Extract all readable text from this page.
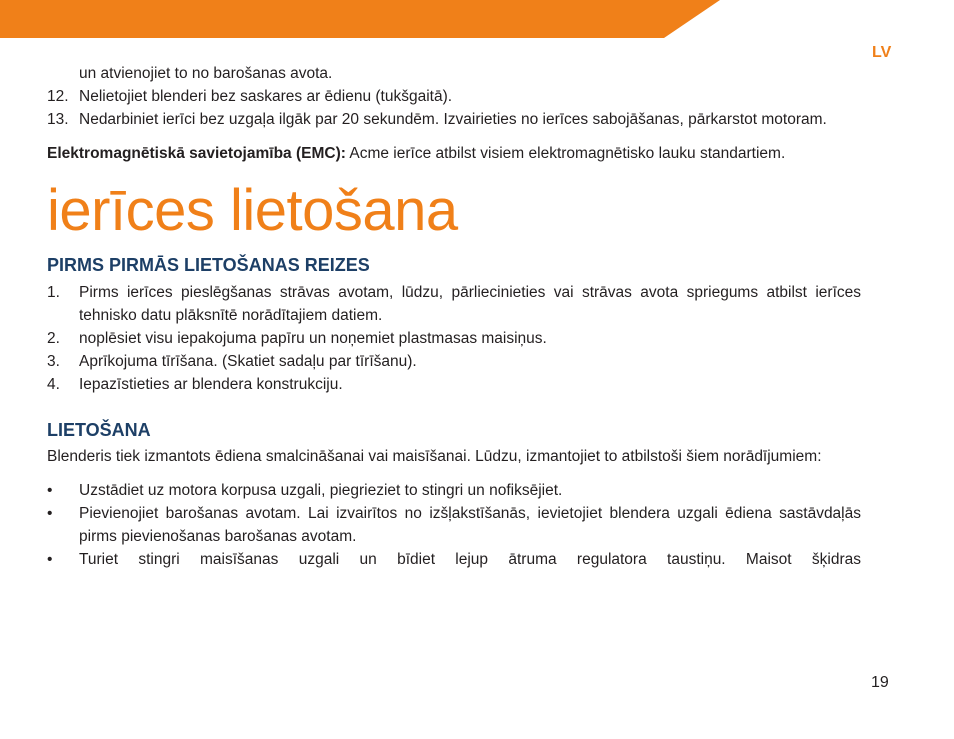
LV

un atvienojiet to no barošanas avota.

12. Nelietojiet blenderi bez saskares ar ēdienu (tukšgaitā).
13. Nedarbiniet ierīci bez uzgaļa ilgāk par 20 sekundēm. Izvairieties no ierīces sabojāšanas, pārkarstot motoram.

Elektromagnētiskā savietojamība (EMC): Acme ierīce atbilst visiem elektromagnētisko lauku standartiem.

ierīces lietošana
PIRMS PIRMĀS LIETOŠANAS REIZES
1.	Pirms ierīces pieslēgšanas strāvas avotam, lūdzu, pārliecinieties vai strāvas avota spriegums atbilst ierīces tehnisko datu plāksnītē norādītajiem datiem.
2.	noplēsiet visu iepakojuma papīru un noņemiet plastmasas maisiņus.
3.	Aprīkojuma tīrīšana. (Skatiet sadaļu par tīrīšanu).
4.	Iepazīstieties ar blendera konstrukciju.
LIETOŠANA

Blenderis tiek izmantots ēdiena smalcināšanai vai maisīšanai. Lūdzu, izmantojiet to atbilstoši šiem norādījumiem:

•	Uzstādiet uz motora korpusa uzgali, piegrieziet to stingri un nofiksējiet.
•	Pievienojiet barošanas avotam. Lai izvairītos no izšļakstīšanās, ievietojiet blendera uzgali ēdiena sastāvdaļās pirms pievienošanas barošanas avotam.
•	Turiet stingri maisīšanas uzgali un bīdiet lejup ātruma regulatora taustiņu. Maisot šķidras
19
